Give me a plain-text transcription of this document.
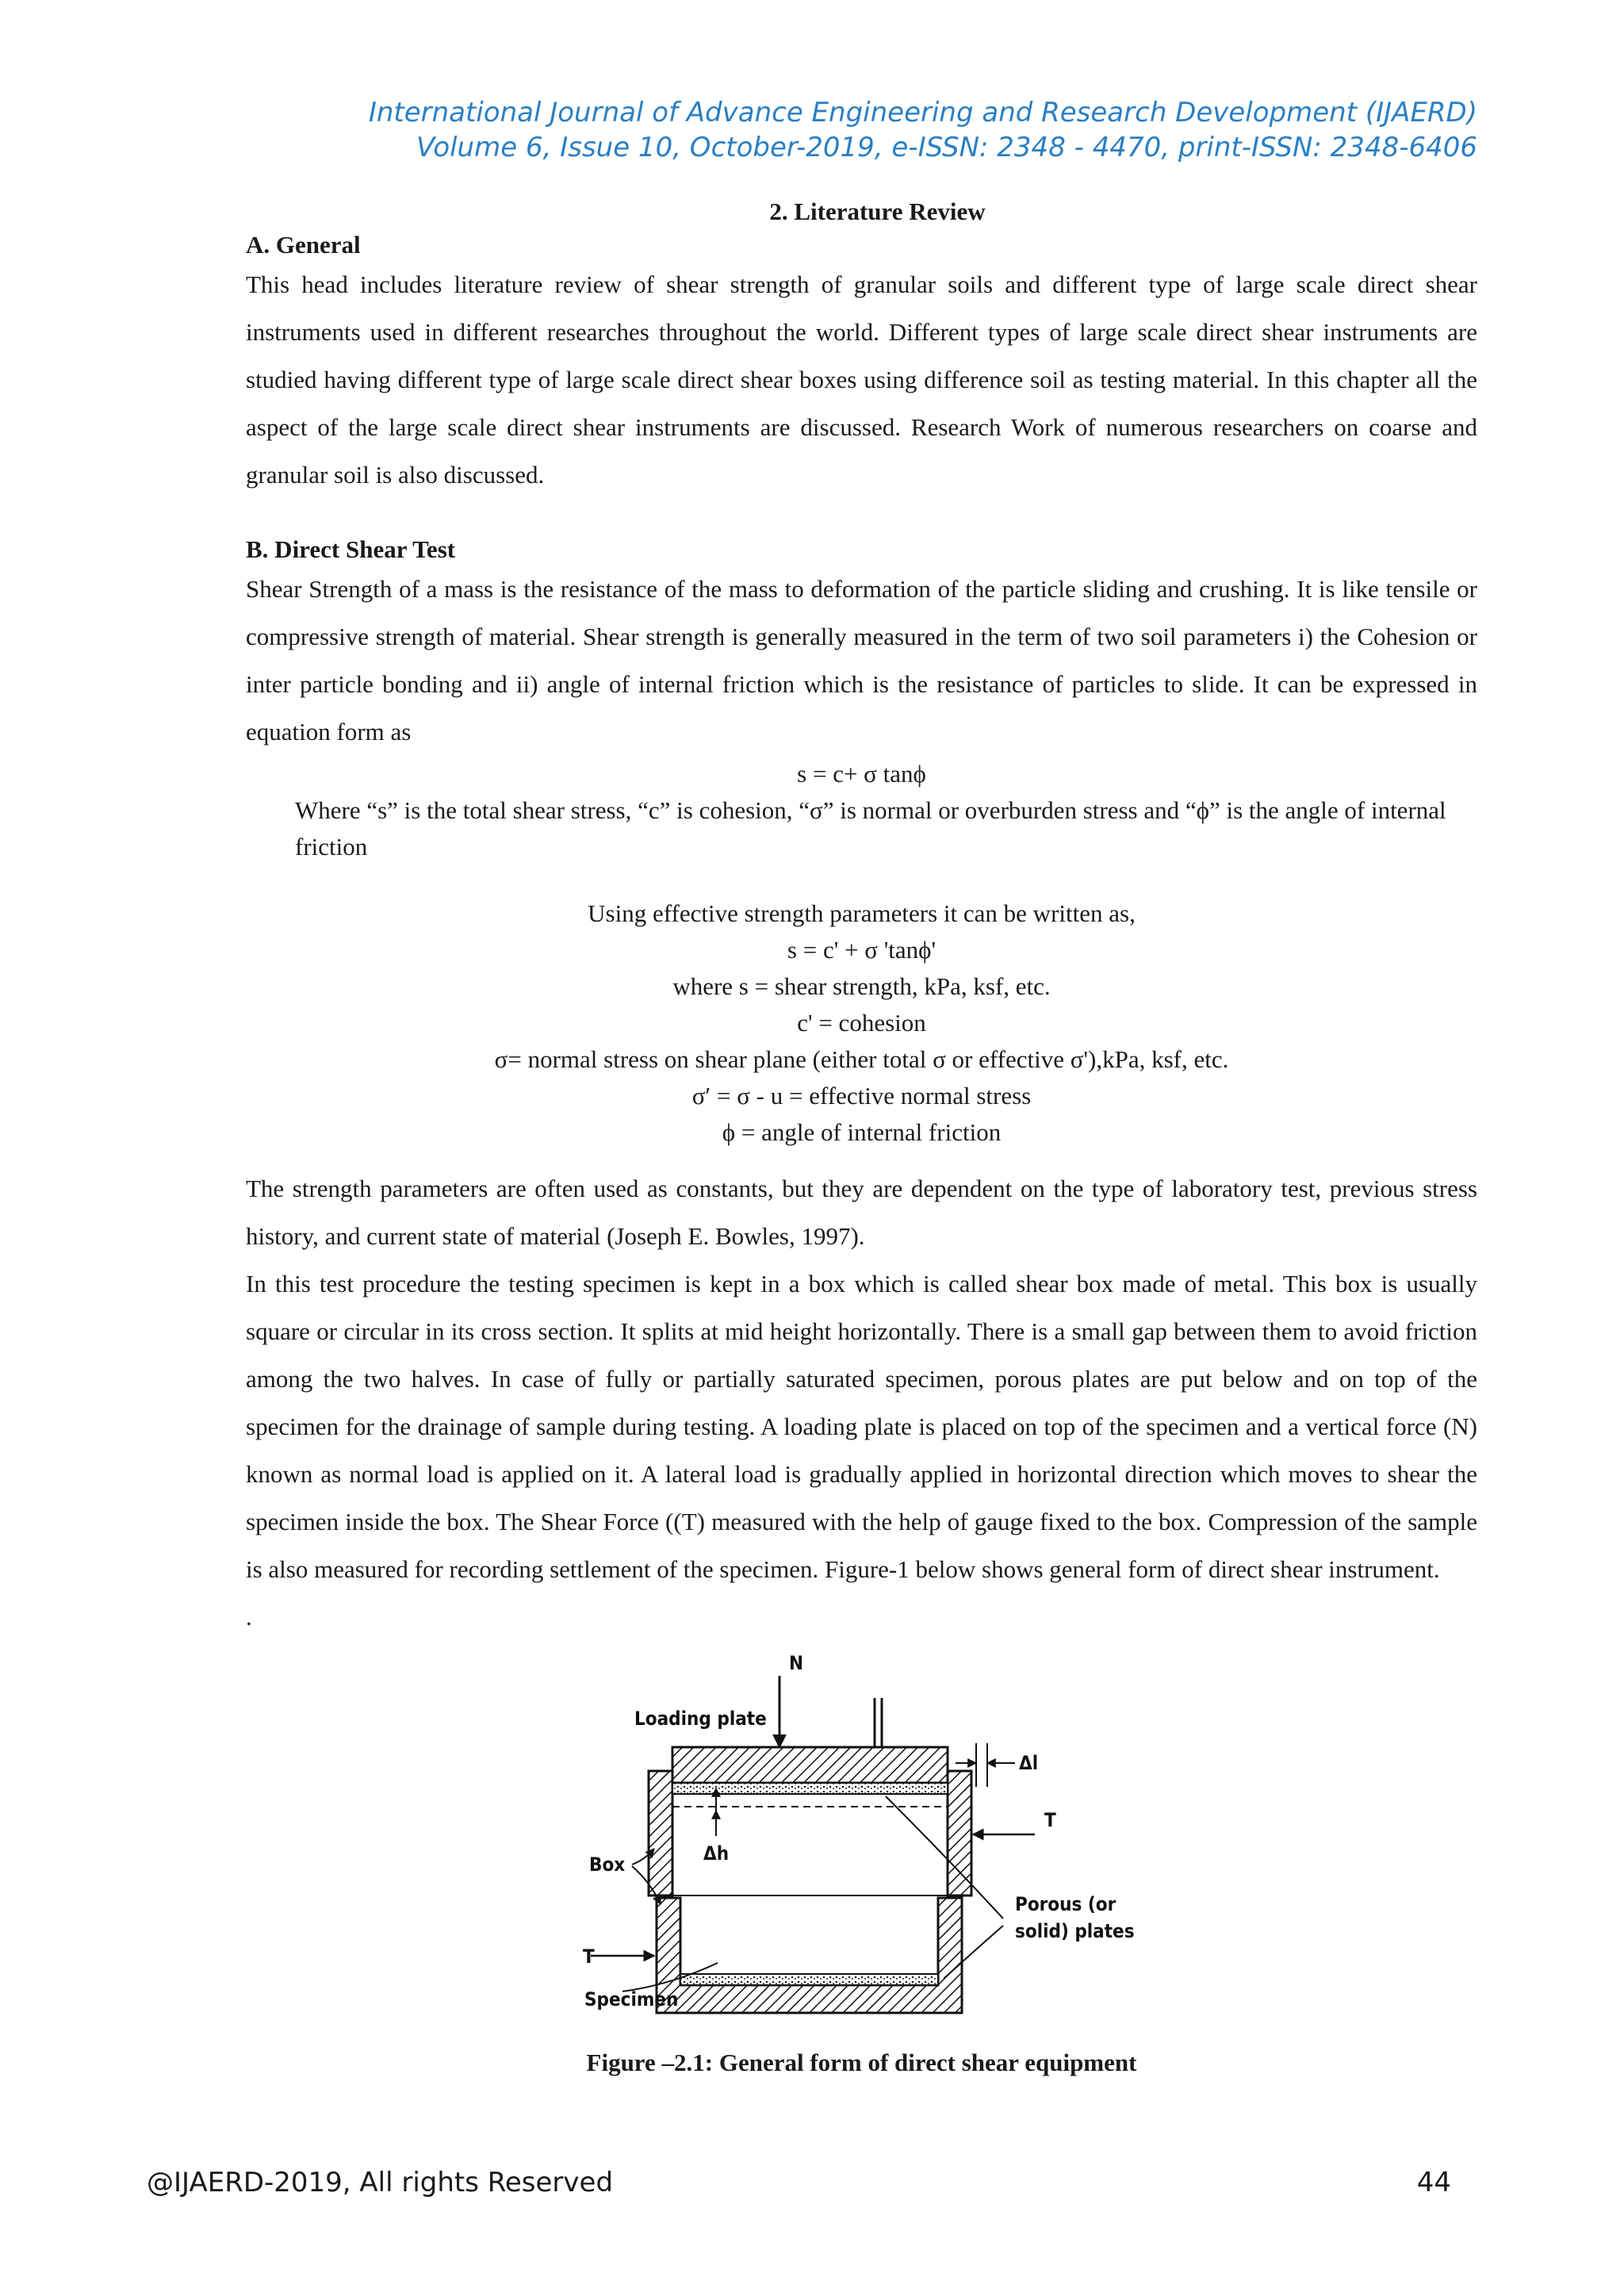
International Journal of Advance Engineering and Research Development (IJAERD)
Volume 6, Issue 10, October-2019, e-ISSN: 2348 - 4470, print-ISSN: 2348-6406

2. Literature Review

A. General

This head includes literature review of shear strength of granular soils and different type of large scale direct shear instruments used in different researches throughout the world. Different types of large scale direct shear instruments are studied having different type of large scale direct shear boxes using difference soil as testing material. In this chapter all the aspect of the large scale direct shear instruments are discussed. Research Work of numerous researchers on coarse and granular soil is also discussed.

B. Direct Shear Test

Shear Strength of a mass is the resistance of the mass to deformation of the particle sliding and crushing. It is like tensile or compressive strength of material. Shear strength is generally measured in the term of two soil parameters i) the Cohesion or inter particle bonding and ii) angle of internal friction which is the resistance of particles to slide. It can be expressed in equation form as

s = c+ σ tanϕ

Where “s” is the total shear stress, “c” is cohesion, “σ” is normal or overburden stress and “ϕ” is the angle of internal friction

Using effective strength parameters it can be written as,

s = c' + σ 'tanϕ'

where s = shear strength, kPa, ksf, etc.

c' = cohesion

σ= normal stress on shear plane (either total σ or effective σ'),kPa, ksf, etc.

σ′ = σ - u = effective normal stress

ϕ = angle of internal friction

The strength parameters are often used as constants, but they are dependent on the type of laboratory test, previous stress history, and current state of material (Joseph E. Bowles, 1997).

In this test procedure the testing specimen is kept in a box which is called shear box made of metal. This box is usually square or circular in its cross section. It splits at mid height horizontally. There is a small gap between them to avoid friction among the two halves. In case of fully or partially saturated specimen, porous plates are put below and on top of the specimen for the drainage of sample during testing. A loading plate is placed on top of the specimen and a vertical force (N) known as normal load is applied on it. A lateral load is gradually applied in horizontal direction which moves to shear the specimen inside the box. The Shear Force ((T) measured with the help of gauge fixed to the box. Compression of the sample is also measured for recording settlement of the specimen. Figure-1 below shows general form of direct shear instrument.

.

N
Loading plate
Δl
T
Box	Δh
Porous (or
solid) plates
T
Specimen
Figure –2.1: General form of direct shear equipment
@IJAERD-2019, All rights Reserved	44
